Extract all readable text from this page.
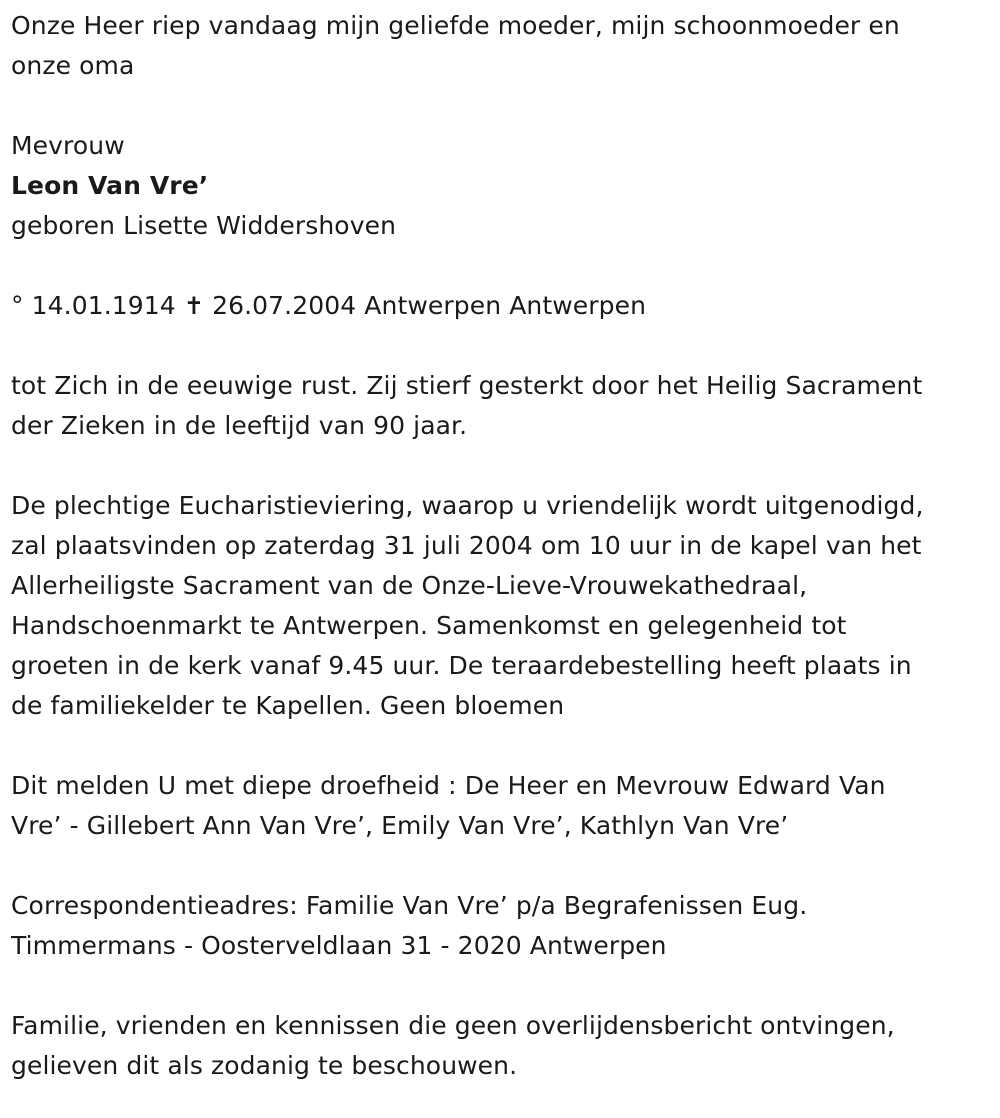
Onze Heer riep vandaag mijn geliefde moeder, mijn schoonmoeder en

onze oma

Mevrouw

Leon Van Vre’

geboren Lisette Widdershoven

° 14.01.1914 ✝ 26.07.2004 Antwerpen Antwerpen

tot Zich in de eeuwige rust. Zij stierf gesterkt door het Heilig Sacrament

der Zieken in de leeftijd van 90 jaar.

De plechtige Eucharistieviering, waarop u vriendelijk wordt uitgenodigd,

zal plaatsvinden op zaterdag 31 juli 2004 om 10 uur in de kapel van het

Allerheiligste Sacrament van de Onze-Lieve-Vrouwekathedraal,

Handschoenmarkt te Antwerpen. Samenkomst en gelegenheid tot

groeten in de kerk vanaf 9.45 uur. De teraardebestelling heeft plaats in

de familiekelder te Kapellen. Geen bloemen

Dit melden U met diepe droefheid : De Heer en Mevrouw Edward Van

Vre’ - Gillebert Ann Van Vre’, Emily Van Vre’, Kathlyn Van Vre’

Correspondentieadres: Familie Van Vre’ p/a Begrafenissen Eug.

Timmermans - Oosterveldlaan 31 - 2020 Antwerpen

Familie, vrienden en kennissen die geen overlijdensbericht ontvingen,

gelieven dit als zodanig te beschouwen.
